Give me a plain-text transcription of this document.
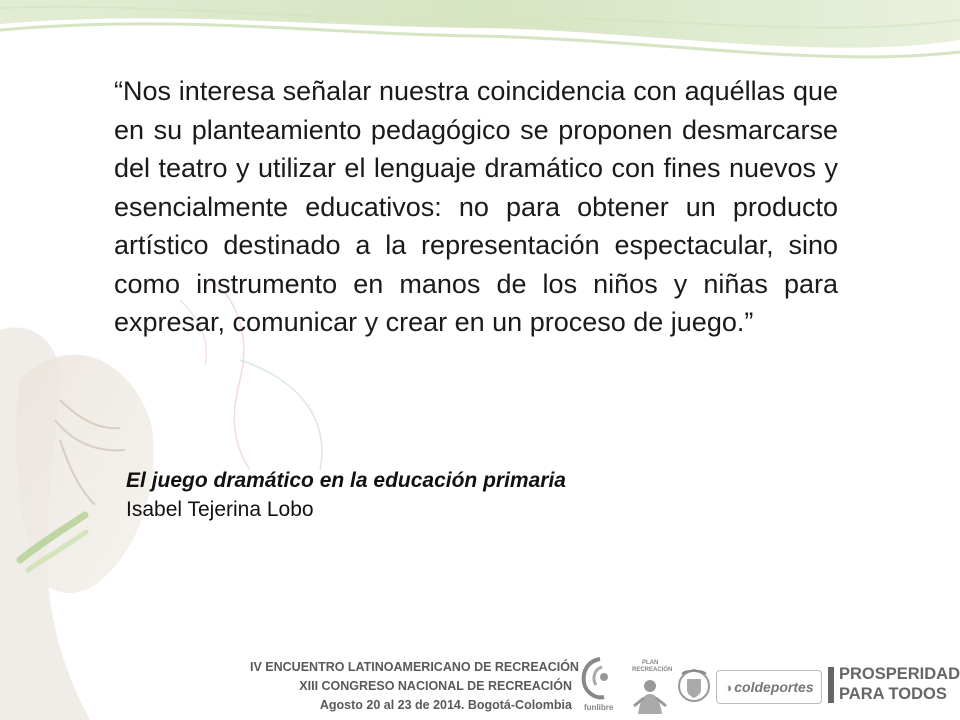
“Nos interesa señalar nuestra coincidencia con aquéllas que en su planteamiento pedagógico se proponen desmarcarse del teatro y utilizar el lenguaje dramático con fines nuevos y esencialmente educativos: no para obtener un producto artístico destinado a la representación espectacular, sino como instrumento en manos de los niños y niñas para expresar, comunicar y crear en un proceso de juego.”

El juego dramático en la educación primaria
Isabel Tejerina Lobo
IV ENCUENTRO LATINOAMERICANO DE RECREACIÓN
XIII CONGRESO NACIONAL DE RECREACIÓN
Agosto 20 al 23 de 2014. Bogotá-Colombia funlibre
PLAN
RECREACIÓN
◑ coldeportes
PROSPERIDAD
PARA TODOS
